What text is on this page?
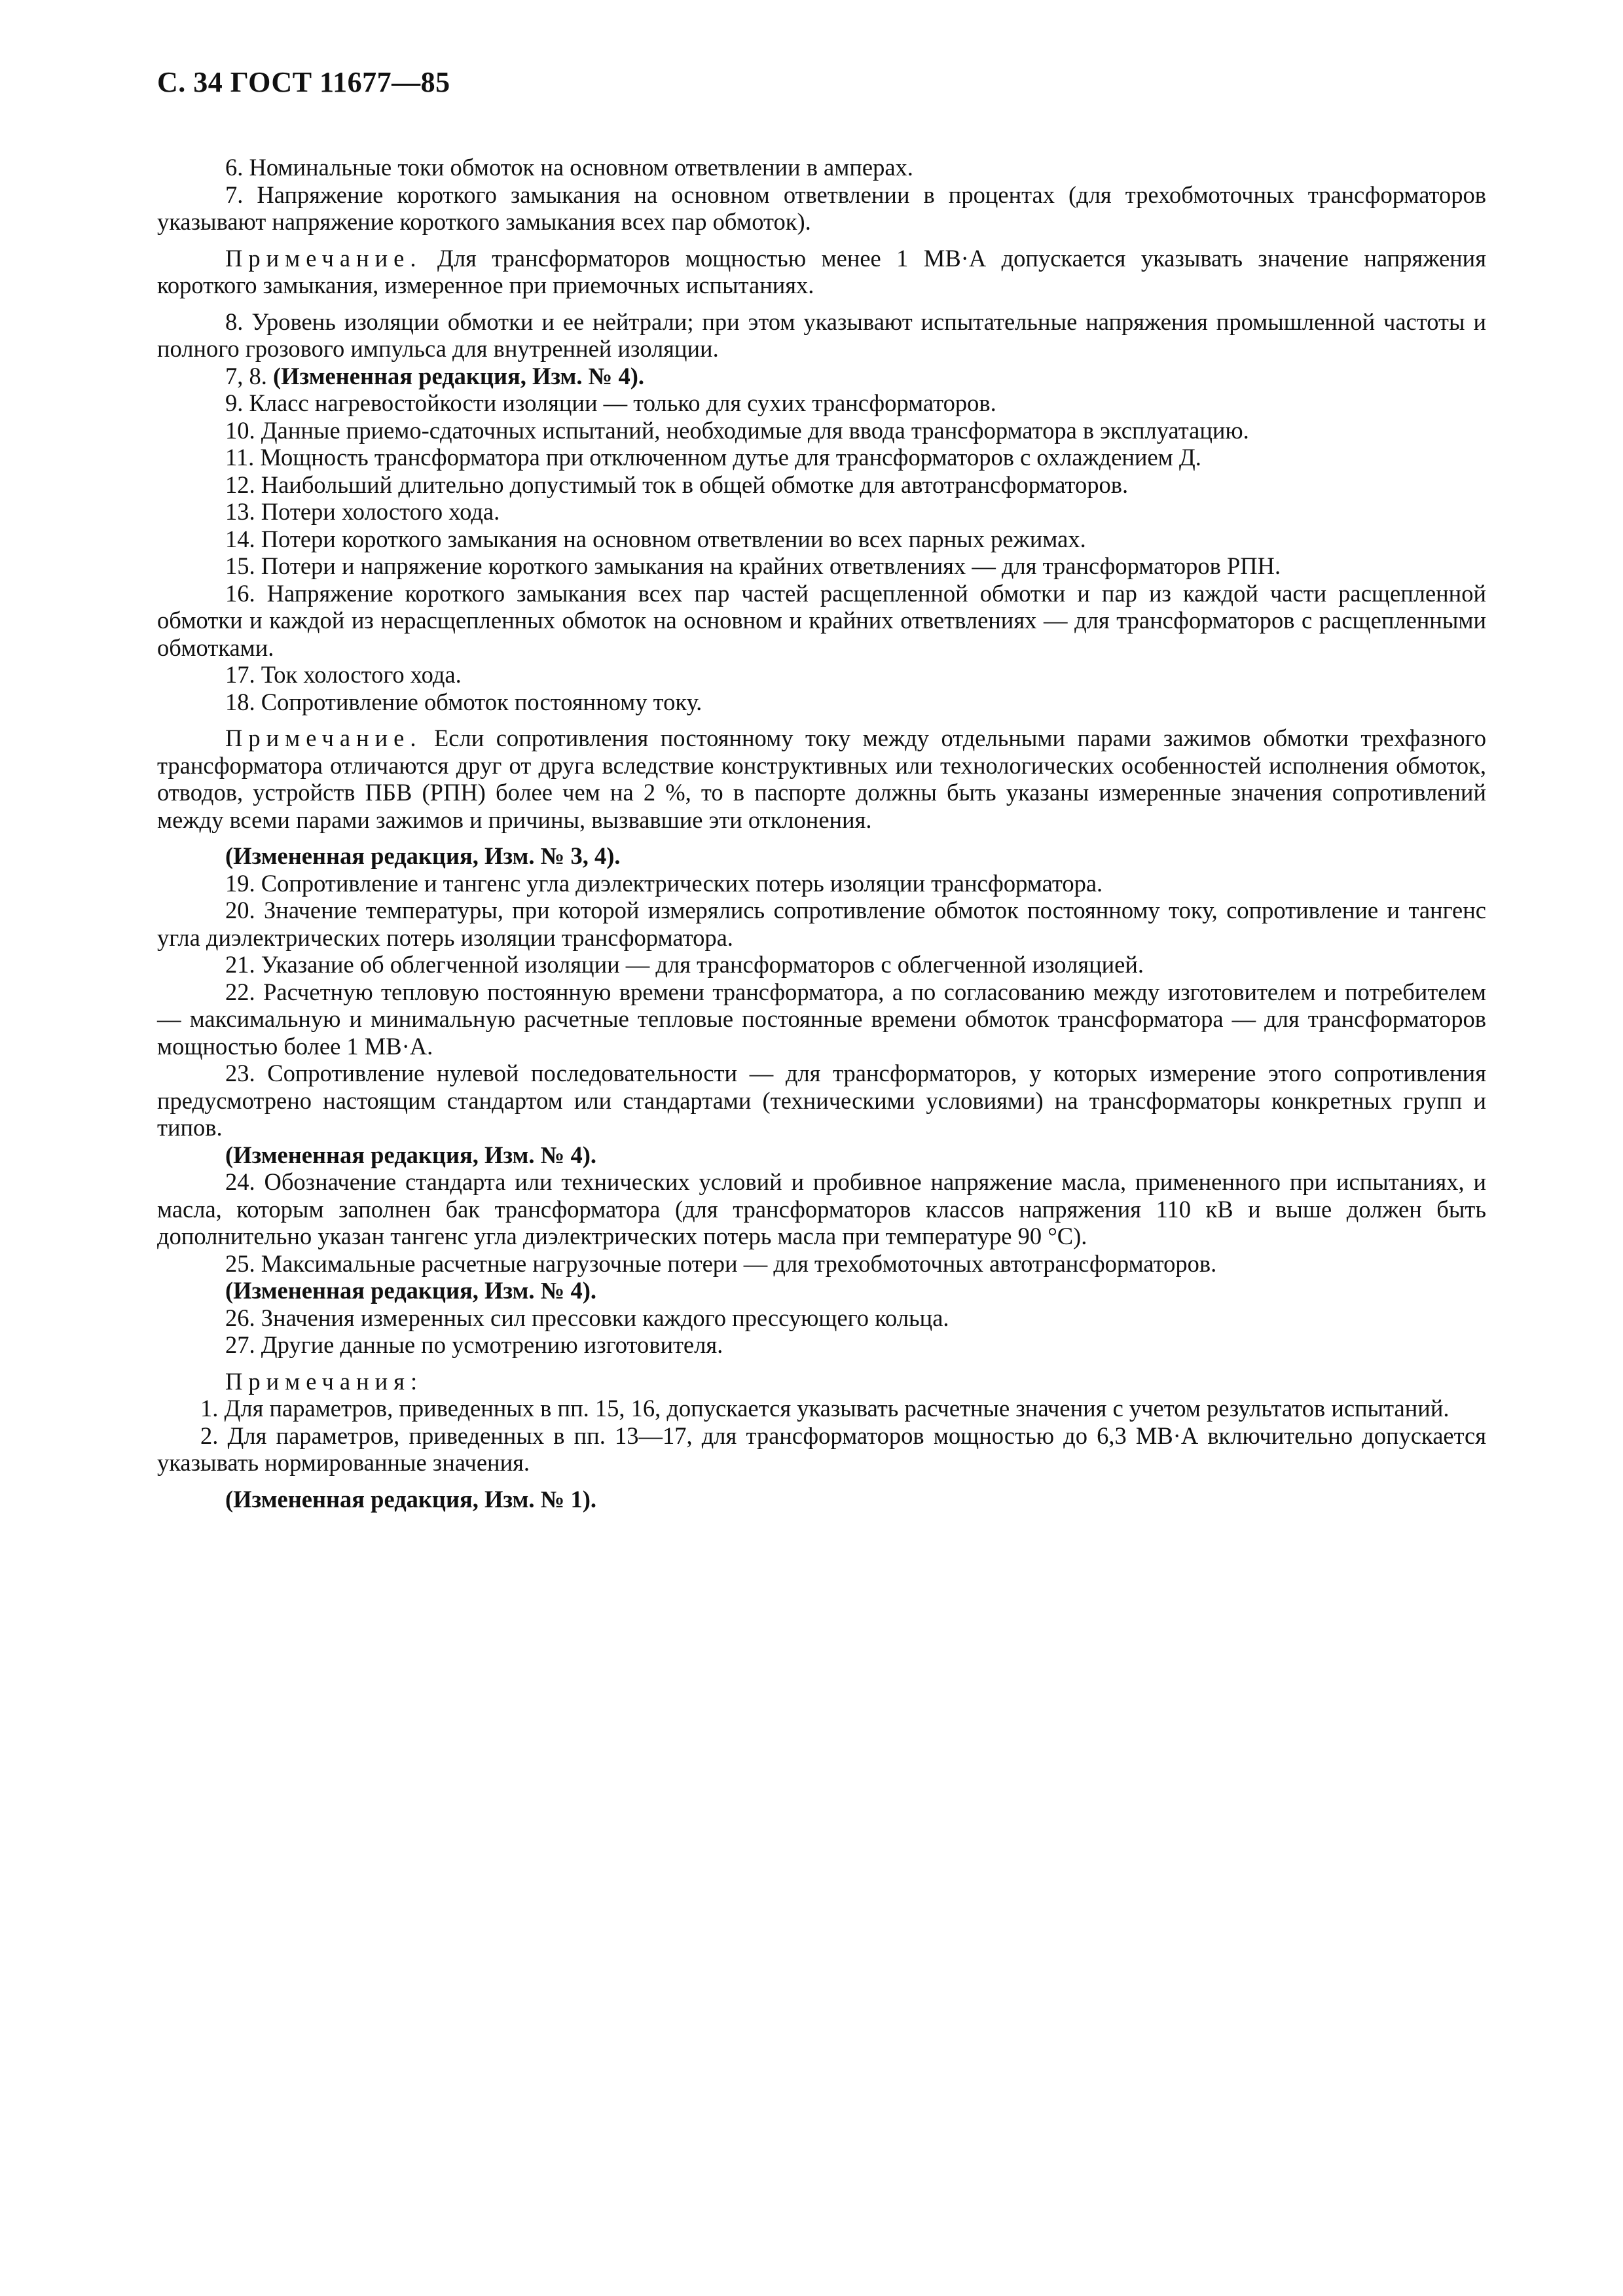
С. 34 ГОСТ 11677—85

6. Номинальные токи обмоток на основном ответвлении в амперах.

7. Напряжение короткого замыкания на основном ответвлении в процентах (для трехобмоточных трансформаторов указывают напряжение короткого замыкания всех пар обмоток).

Примечание. Для трансформаторов мощностью менее 1 МВ·А допускается указывать значение напряжения короткого замыкания, измеренное при приемочных испытаниях.

8. Уровень изоляции обмотки и ее нейтрали; при этом указывают испытательные напряжения промышленной частоты и полного грозового импульса для внутренней изоляции.

7, 8. (Измененная редакция, Изм. № 4).

9. Класс нагревостойкости изоляции — только для сухих трансформаторов.

10. Данные приемо-сдаточных испытаний, необходимые для ввода трансформатора в эксплуатацию.

11. Мощность трансформатора при отключенном дутье для трансформаторов с охлаждением Д.

12. Наибольший длительно допустимый ток в общей обмотке для автотрансформаторов.

13. Потери холостого хода.

14. Потери короткого замыкания на основном ответвлении во всех парных режимах.

15. Потери и напряжение короткого замыкания на крайних ответвлениях — для трансформаторов РПН.

16. Напряжение короткого замыкания всех пар частей расщепленной обмотки и пар из каждой части расщепленной обмотки и каждой из нерасщепленных обмоток на основном и крайних ответвлениях — для трансформаторов с расщепленными обмотками.

17. Ток холостого хода.

18. Сопротивление обмоток постоянному току.

Примечание. Если сопротивления постоянному току между отдельными парами зажимов обмотки трехфазного трансформатора отличаются друг от друга вследствие конструктивных или технологических особенностей исполнения обмоток, отводов, устройств ПБВ (РПН) более чем на 2 %, то в паспорте должны быть указаны измеренные значения сопротивлений между всеми парами зажимов и причины, вызвавшие эти отклонения.

(Измененная редакция, Изм. № 3, 4).

19. Сопротивление и тангенс угла диэлектрических потерь изоляции трансформатора.

20. Значение температуры, при которой измерялись сопротивление обмоток постоянному току, сопротивление и тангенс угла диэлектрических потерь изоляции трансформатора.

21. Указание об облегченной изоляции — для трансформаторов с облегченной изоляцией.

22. Расчетную тепловую постоянную времени трансформатора, а по согласованию между изготовителем и потребителем — максимальную и минимальную расчетные тепловые постоянные времени обмоток трансформатора — для трансформаторов мощностью более 1 МВ·А.

23. Сопротивление нулевой последовательности — для трансформаторов, у которых измерение этого сопротивления предусмотрено настоящим стандартом или стандартами (техническими условиями) на трансформаторы конкретных групп и типов.

(Измененная редакция, Изм. № 4).

24. Обозначение стандарта или технических условий и пробивное напряжение масла, примененного при испытаниях, и масла, которым заполнен бак трансформатора (для трансформаторов классов напряжения 110 кВ и выше должен быть дополнительно указан тангенс угла диэлектрических потерь масла при температуре 90 °С).

25. Максимальные расчетные нагрузочные потери — для трехобмоточных автотрансформаторов.

(Измененная редакция, Изм. № 4).

26. Значения измеренных сил прессовки каждого прессующего кольца.

27. Другие данные по усмотрению изготовителя.

Примечания:

1. Для параметров, приведенных в пп. 15, 16, допускается указывать расчетные значения с учетом результатов испытаний.

2. Для параметров, приведенных в пп. 13—17, для трансформаторов мощностью до 6,3 МВ·А включительно допускается указывать нормированные значения.

(Измененная редакция, Изм. № 1).
